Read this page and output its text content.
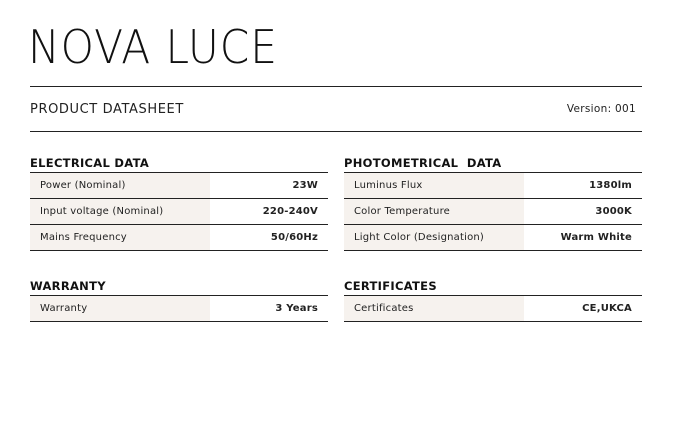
NOVA LUCE
PRODUCT DATASHEET	Version: 001
ELECTRICAL DATA
Power (Nominal)	23W
Input voltage (Nominal)	220-240V
Mains Frequency	50/60Hz
PHOTOMETRICAL  DATA
Luminus Flux	1380lm
Color Temperature	3000K
Light Color (Designation)	Warm White
WARRANTY
Warranty	3 Years
CERTIFICATES
Certificates	CE,UKCA
